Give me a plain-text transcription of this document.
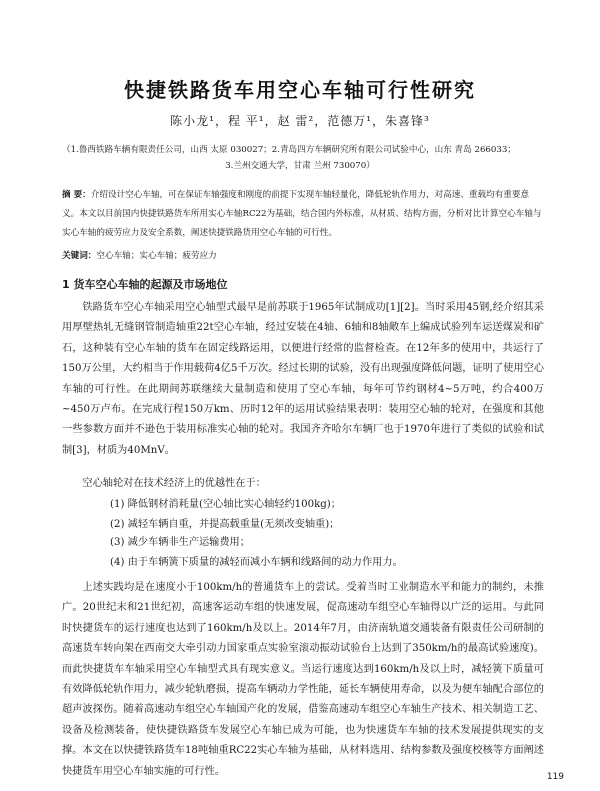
快捷铁路货车用空心车轴可行性研究

陈小龙¹，程 平¹，赵 雷²，范德万¹，朱喜锋³

（1.鲁西铁路车辆有限责任公司，山西 太原 030027；2.青岛四方车辆研究所有限公司试验中心，山东 青岛 266033；

3.兰州交通大学，甘肃 兰州 730070）

摘 要：介绍设计空心车轴，可在保证车轴强度和刚度的前提下实现车轴轻量化，降低轮轨作用力，对高速、重载均有重要意义。本文以目前国内快捷铁路货车所用实心车轴RC22为基础，结合国内外标准，从材质、结构方面，分析对比计算空心车轴与实心车轴的疲劳应力及安全系数，阐述快捷铁路货用空心车轴的可行性。

关键词：空心车轴；实心车轴；疲劳应力

1 货车空心车轴的起源及市场地位

铁路货车空心车轴采用空心轴型式最早是前苏联于1965年试制成功[1][2]。当时采用45钢,经介绍其采用厚壁热轧无缝钢管制造轴重22t空心车轴，经过安装在4轴、6轴和8轴敞车上编成试验列车运送煤炭和矿石，这种装有空心车轴的货车在固定线路运用，以便进行经常的监督检查。在12年多的使用中，共运行了150万公里，大约相当于作用载荷4亿5千万次。经过长期的试验，没有出现强度降低问题，证明了使用空心车轴的可行性。在此期间苏联继续大量制造和使用了空心车轴，每年可节约钢材4~5万吨，约合400万~450万卢布。在完成行程150万km、历时12年的运用试验结果表明：装用空心轴的轮对，在强度和其他一些参数方面并不逊色于装用标准实心轴的轮对。我国齐齐哈尔车辆厂也于1970年进行了类似的试验和试制[3]，材质为40MnV。

空心轴轮对在技术经济上的优越性在于：

(1) 降低钢材消耗量(空心轴比实心轴轻约100kg)；

(2) 减轻车辆自重，并提高载重量(无须改变轴重)；

(3) 减少车辆非生产运输费用；

(4) 由于车辆簧下质量的减轻而减小车辆和线路间的动力作用力。

上述实践均是在速度小于100km/h的普通货车上的尝试。受着当时工业制造水平和能力的制约，未推广。20世纪末和21世纪初，高速客运动车组的快速发展，促高速动车组空心车轴得以广泛的运用。与此同时快捷货车的运行速度也达到了160km/h及以上。2014年7月，由济南轨道交通装备有限责任公司研制的高速货车转向架在西南交大牵引动力国家重点实验室滚动振动试验台上达到了350km/h的最高试验速度)。而此快捷货车车轴采用空心车轴型式具有现实意义。当运行速度达到160km/h及以上时，减轻簧下质量可有效降低轮轨作用力，减少轮轨磨损，提高车辆动力学性能，延长车辆使用寿命，以及为便车轴配合部位的超声波探伤。随着高速动车组空心车轴国产化的发展，借鉴高速动车组空心车轴生产技术、相关制造工艺、设备及检测装备，使快捷铁路货车发展空心车轴已成为可能，也为快速货车车轴的技术发展提供现实的支撑。本文在以快捷铁路货车18吨轴重RC22实心车轴为基础，从材料选用、结构参数及强度校核等方面阐述快捷货车用空心车轴实施的可行性。

119
